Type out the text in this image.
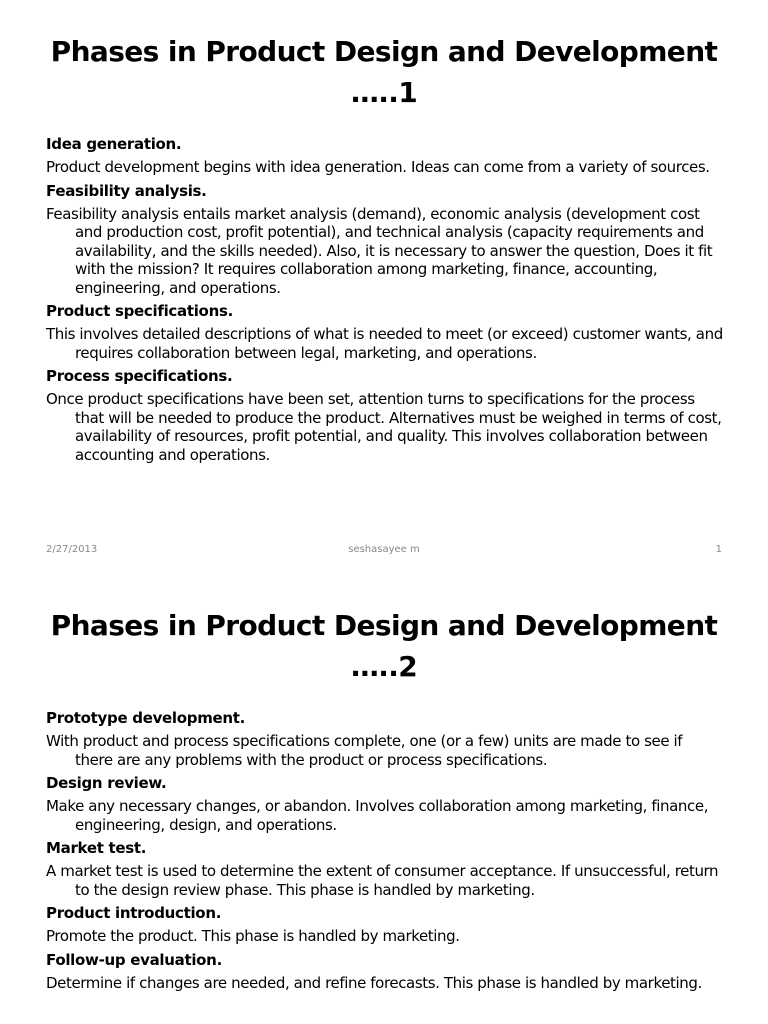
Phases in Product Design and Development
…..1

Idea generation.

Product development begins with idea generation. Ideas can come from a variety of sources.

Feasibility analysis.

Feasibility analysis entails market analysis (demand), economic analysis (development cost and production cost, profit potential), and technical analysis (capacity requirements and availability, and the skills needed). Also, it is necessary to answer the question, Does it fit with the mission? It requires collaboration among marketing, finance, accounting, engineering, and operations.

Product specifications.

This involves detailed descriptions of what is needed to meet (or exceed) customer wants, and requires collaboration between legal, marketing, and operations.

Process specifications.

Once product specifications have been set, attention turns to specifications for the process that will be needed to produce the product. Alternatives must be weighed in terms of cost, availability of resources, profit potential, and quality. This involves collaboration between accounting and operations.

2/27/2013	seshasayee m	1
Phases in Product Design and Development
…..2

Prototype development.

With product and process specifications complete, one (or a few) units are made to see if there are any problems with the product or process specifications.

Design review.

Make any necessary changes, or abandon. Involves collaboration among marketing, finance, engineering, design, and operations.

Market test.

A market test is used to determine the extent of consumer acceptance. If unsuccessful, return to the design review phase. This phase is handled by marketing.

Product introduction.

Promote the product. This phase is handled by marketing.

Follow-up evaluation.

Determine if changes are needed, and refine forecasts. This phase is handled by marketing.
